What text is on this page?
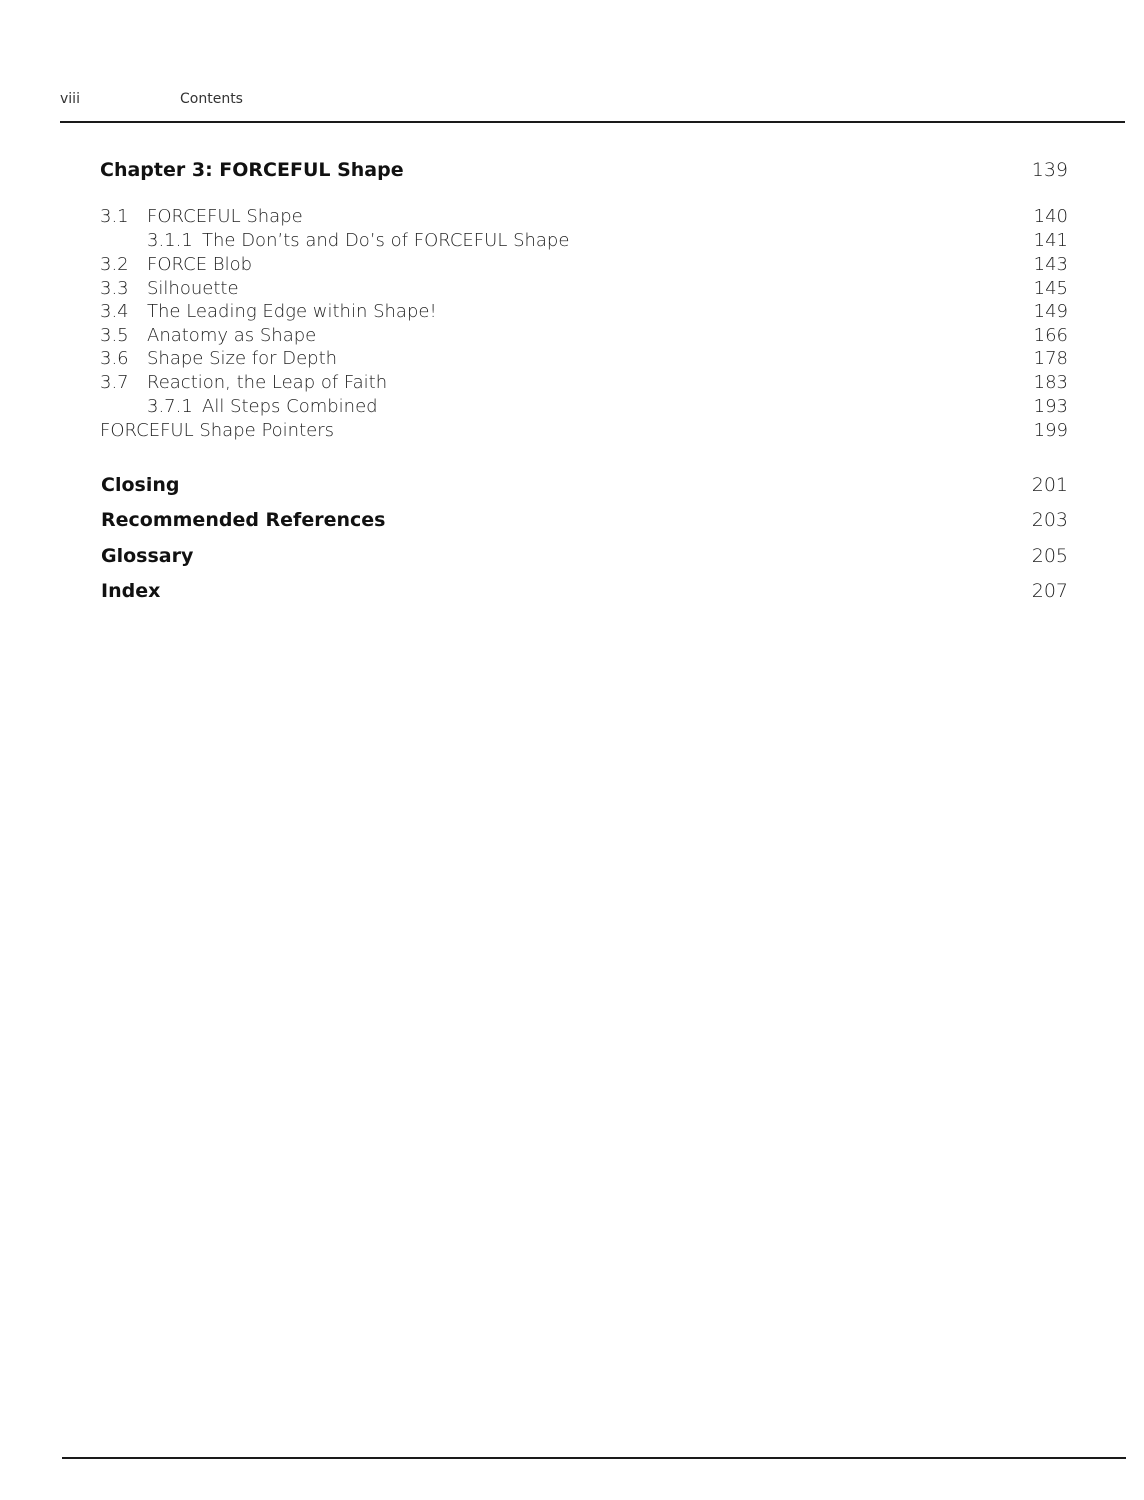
viii	Contents
Chapter 3: FORCEFUL Shape	139
3.1 FORCEFUL Shape	140
3.1.1 The Don’ts and Do’s of FORCEFUL Shape	141
3.2 FORCE Blob	143
3.3 Silhouette	145
3.4 The Leading Edge within Shape!	149
3.5 Anatomy as Shape	166
3.6 Shape Size for Depth	178
3.7 Reaction, the Leap of Faith	183
3.7.1 All Steps Combined	193
FORCEFUL Shape Pointers	199
Closing	201
Recommended References	203
Glossary	205
Index	207
